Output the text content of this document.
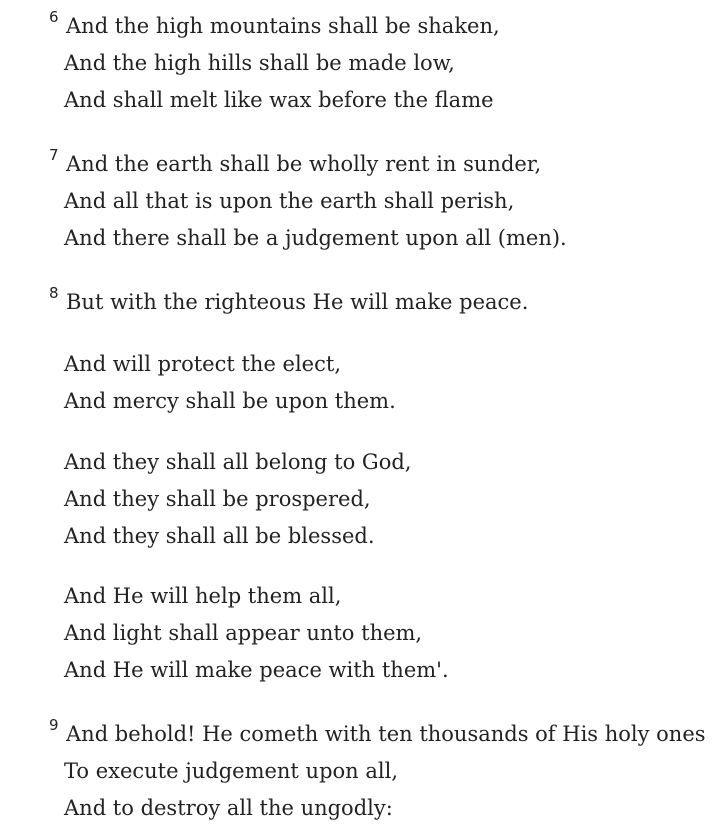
6 And the high mountains shall be shaken,
And the high hills shall be made low,
And shall melt like wax before the flame
7 And the earth shall be wholly rent in sunder,
And all that is upon the earth shall perish,
And there shall be a judgement upon all (men).
8 But with the righteous He will make peace.
And will protect the elect,
And mercy shall be upon them.
And they shall all belong to God,
And they shall be prospered,
And they shall all be blessed.
And He will help them all,
And light shall appear unto them,
And He will make peace with them'.
9 And behold! He cometh with ten thousands of His holy ones
To execute judgement upon all,
And to destroy all the ungodly:
